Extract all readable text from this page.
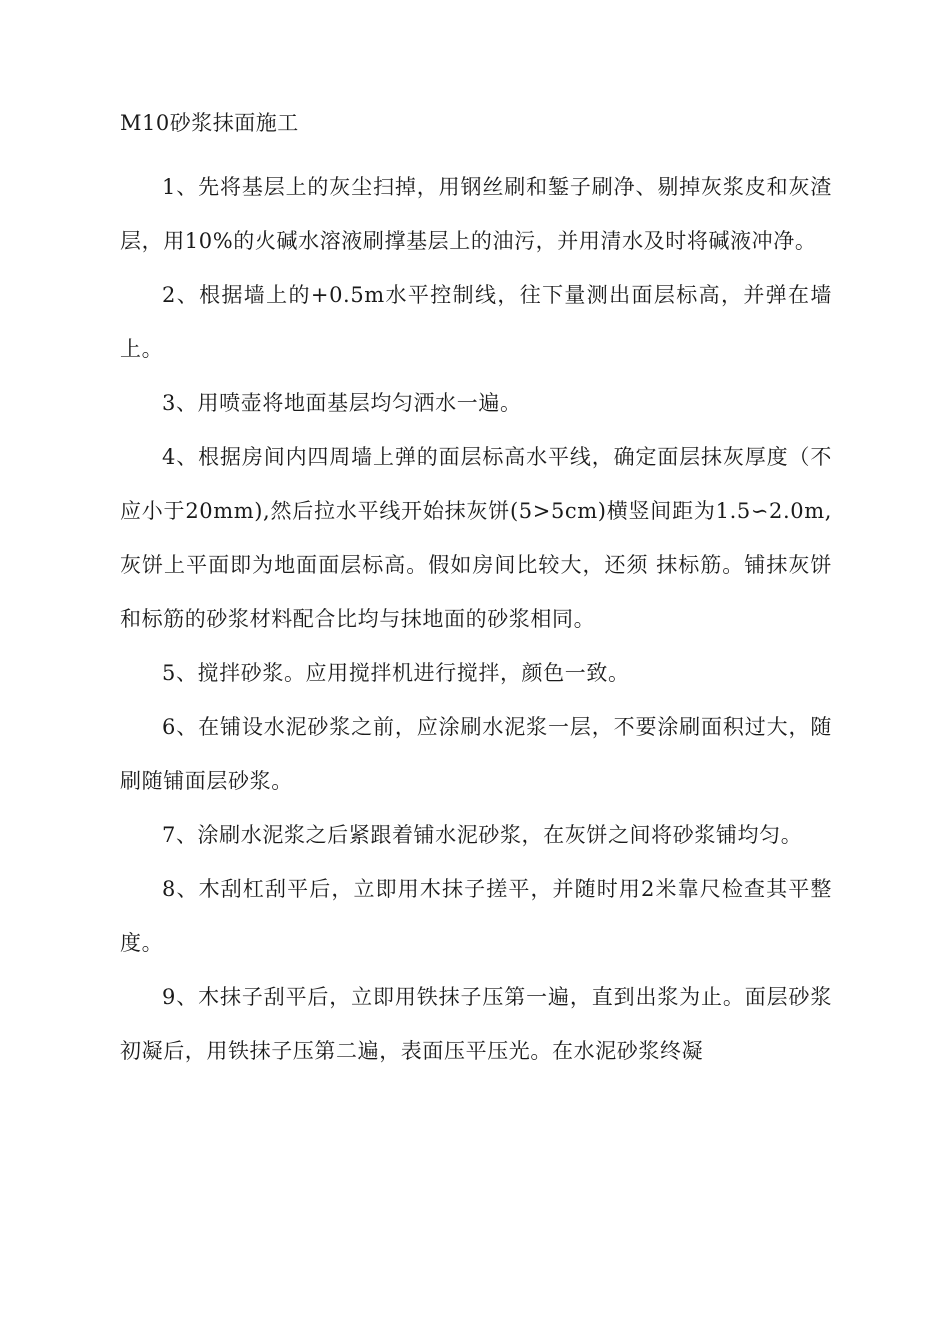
M10砂浆抹面施工

1、先将基层上的灰尘扫掉，用钢丝刷和錾子刷净、剔掉灰浆皮和灰渣层，用10%的火碱水溶液刷撑基层上的油污，并用清水及时将碱液冲净。

2、根据墙上的+0.5m水平控制线，往下量测出面层标高，并弹在墙上。

3、用喷壶将地面基层均匀洒水一遍。

4、根据房间内四周墙上弹的面层标高水平线，确定面层抹灰厚度（不应小于20mm),然后拉水平线开始抹灰饼(5>5cm)横竖间距为1.5∽2.0m,灰饼上平面即为地面面层标高。假如房间比较大，还须 抹标筋。铺抹灰饼和标筋的砂浆材料配合比均与抹地面的砂浆相同。

5、搅拌砂浆。应用搅拌机进行搅拌，颜色一致。

6、在铺设水泥砂浆之前，应涂刷水泥浆一层，不要涂刷面积过大，随刷随铺面层砂浆。

7、涂刷水泥浆之后紧跟着铺水泥砂浆，在灰饼之间将砂浆铺均匀。

8、木刮杠刮平后，立即用木抹子搓平，并随时用2米靠尺检查其平整度。

9、木抹子刮平后，立即用铁抹子压第一遍，直到出浆为止。面层砂浆初凝后，用铁抹子压第二遍，表面压平压光。在水泥砂浆终凝
